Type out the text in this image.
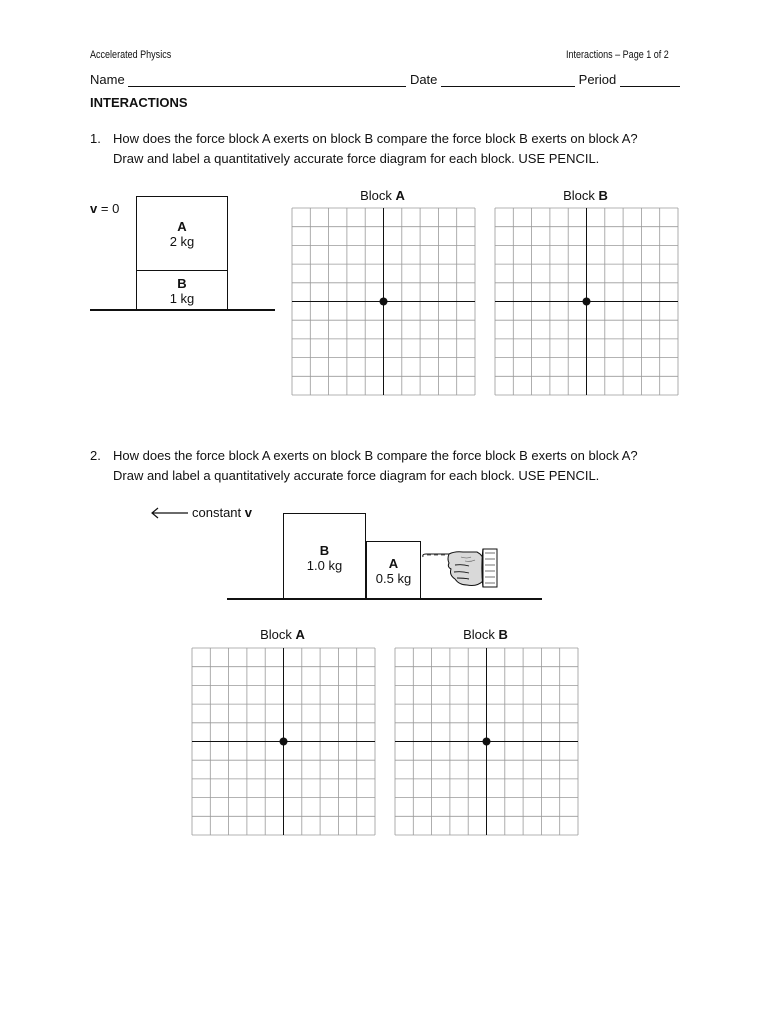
Accelerated Physics	Interactions – Page 1 of 2
Name	Date	Period
INTERACTIONS
1. How does the force block A exerts on block B compare the force block B exerts on block A?
Draw and label a quantitatively accurate force diagram for each block. USE PENCIL.
v = 0
A
2 kg
B
1 kg
Block A	Block B
2. How does the force block A exerts on block B compare the force block B exerts on block A?
Draw and label a quantitatively accurate force diagram for each block. USE PENCIL.
constant v
B
1.0 kg	A
0.5 kg
Block A	Block B
